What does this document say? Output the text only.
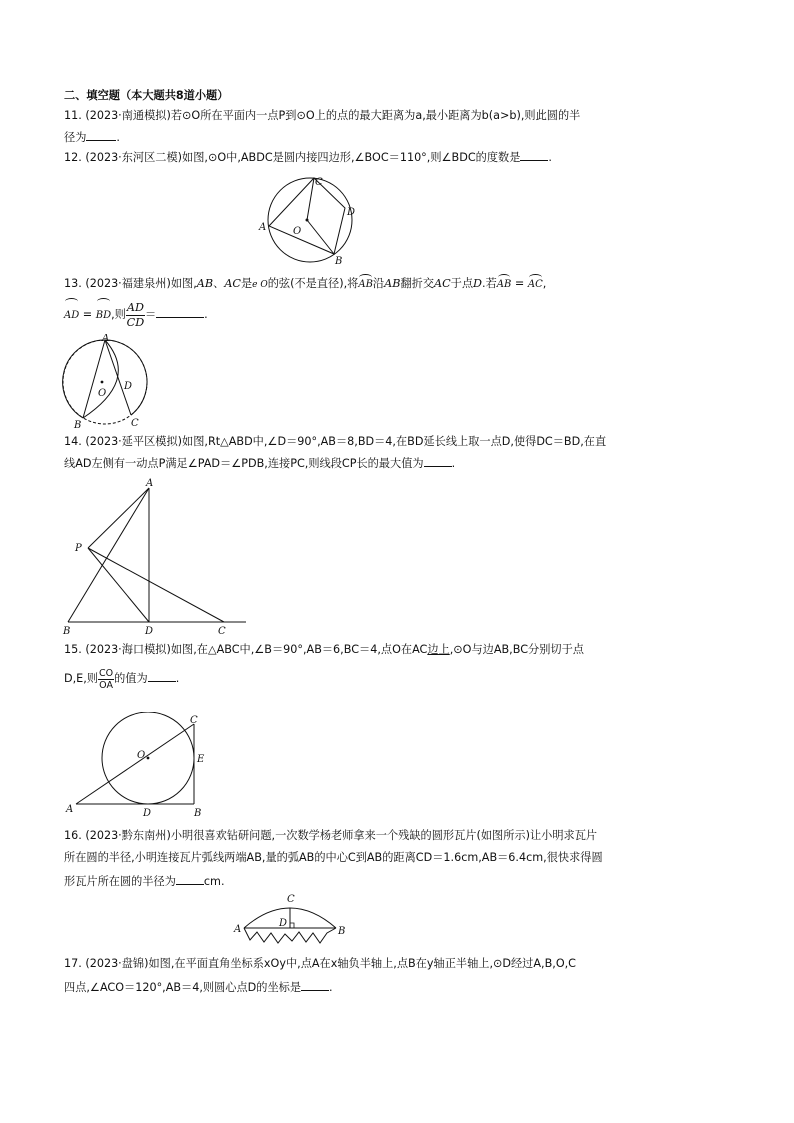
二、填空题（本大题共8道小题）
11. (2023·南通模拟)若⊙O所在平面内一点P到⊙O上的点的最大距离为a,最小距离为b(a>b),则此圆的半
径为	.
12. (2023·东河区二模)如图,⊙O中,ABDC是圆内接四边形,∠BOC＝110°,则∠BDC的度数是	.
C
D
A	O
B
13. (2023·福建泉州)如图,AB、AC是e O的弦(不是直径),将AB沿AB翻折交AC于点D.若AB = AC,
AD = BD,则 $\frac{AD}{CD}$ ＝	.
A
O
D
B	C
14. (2023·延平区模拟)如图,Rt△ABD中,∠D＝90°,AB＝8,BD＝4,在BD延长线上取一点D,使得DC＝BD,在直
线AD左侧有一动点P满足∠PAD＝∠PDB,连接PC,则线段CP长的最大值为	.
A
P
B	D	C
15. (2023·海口模拟)如图,在△ABC中,∠B＝90°,AB＝6,BC＝4,点O在AC边上,⊙O与边AB,BC分别切于点
D,E,则 $\frac{CO}{OA}$ 的值为	.
O
C
E
A	D	B
16. (2023·黔东南州)小明很喜欢钻研问题,一次数学杨老师拿来一个残缺的圆形瓦片(如图所示)让小明求瓦片
所在圆的半径,小明连接瓦片弧线两端AB,量的弧AB的中心C到AB的距离CD＝1.6cm,AB＝6.4cm,很快求得圆
形瓦片所在圆的半径为	cm.
C
D
A	B
17. (2023·盘锦)如图,在平面直角坐标系xOy中,点A在x轴负半轴上,点B在y轴正半轴上,⊙D经过A,B,O,C
四点,∠ACO＝120°,AB＝4,则圆心点D的坐标是	.
